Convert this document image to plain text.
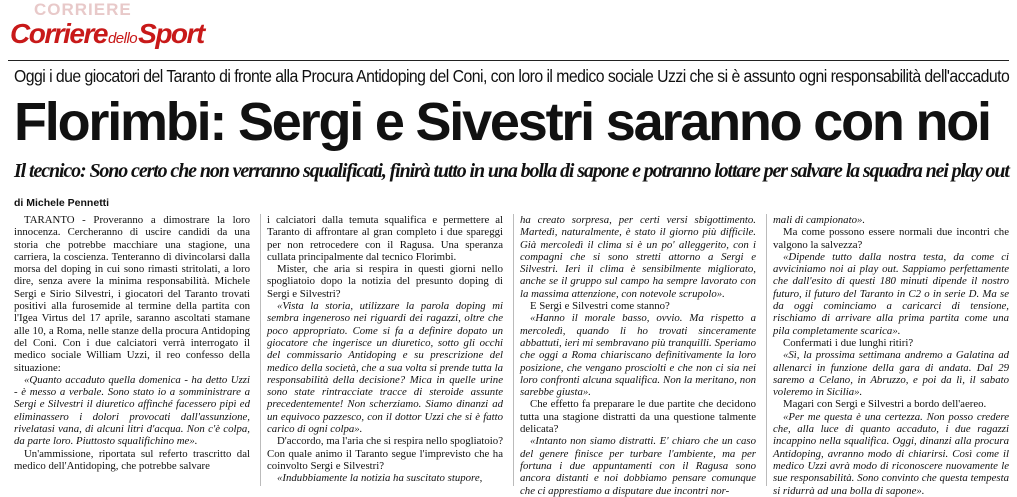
CORRIERE
Corriere dello Sport
Oggi i due giocatori del Taranto di fronte alla Procura Antidoping del Coni, con loro il medico sociale Uzzi che si è assunto ogni responsabilità dell'accaduto
Florimbi: Sergi e Sivestri saranno con noi
Il tecnico: Sono certo che non verranno squalificati, finirà tutto in una bolla di sapone e potranno lottare per salvare la squadra nei play out
di Michele Pennetti

TARANTO - Proveranno a dimostrare la loro innocenza. Cercheranno di uscire candidi da una storia che potrebbe macchiare una stagione, una carriera, la coscienza. Tenteranno di divincolarsi dalla morsa del doping in cui sono rimasti stritolati, a loro dire, senza avere la minima responsabilità. Michele Sergi e Sirio Silvestri, i giocatori del Taranto trovati positivi alla furosemide al termine della partita con l'Igea Virtus del 17 aprile, saranno ascoltati stamane alle 10, a Roma, nelle stanze della procura Antidoping del Coni. Con i due calciatori verrà interrogato il medico sociale William Uzzi, il reo confesso della situazione:

«Quanto accaduto quella domenica - ha detto Uzzi - è messo a verbale. Sono stato io a somministrare a Sergi e Silvestri il diuretico affinché facessero pipì ed eliminassero i dolori provocati dall'assunzione, rivelatasi vana, di alcuni litri d'acqua. Non c'è colpa, da parte loro. Piuttosto squalifichino me».

Un'ammissione, riportata sul referto trascritto dal medico dell'Antidoping, che potrebbe salvare

i calciatori dalla temuta squalifica e permettere al Taranto di affrontare al gran completo i due spareggi per non retrocedere con il Ragusa. Una speranza cullata principalmente dal tecnico Florimbi.

Mister, che aria si respira in questi giorni nello spogliatoio dopo la notizia del presunto doping di Sergi e Silvestri?

«Vista la storia, utilizzare la parola doping mi sembra ingeneroso nei riguardi dei ragazzi, oltre che poco appropriato. Come si fa a definire dopato un giocatore che ingerisce un diuretico, sotto gli occhi del commissario Antidoping e su prescrizione del medico della società, che a sua volta si prende tutta la responsabilità della decisione? Mica in quelle urine sono state rintracciate tracce di steroide assunte precedentemente! Non scherziamo. Siamo dinanzi ad un equivoco pazzesco, con il dottor Uzzi che si è fatto carico di ogni colpa».

D'accordo, ma l'aria che si respira nello spogliatoio? Con quale animo il Taranto segue l'imprevisto che ha coinvolto Sergi e Silvestri?

«Indubbiamente la notizia ha suscitato stupore,

ha creato sorpresa, per certi versi sbigottimento. Martedì, naturalmente, è stato il giorno più difficile. Già mercoledì il clima si è un po' alleggerito, con i compagni che si sono stretti attorno a Sergi e Silvestri. Ieri il clima è sensibilmente migliorato, anche se il gruppo sul campo ha sempre lavorato con la massima attenzione, con notevole scrupolo».

E Sergi e Silvestri come stanno?

«Hanno il morale basso, ovvio. Ma rispetto a mercoledì, quando li ho trovati sinceramente abbattuti, ieri mi sembravano più tranquilli. Speriamo che oggi a Roma chiariscano definitivamente la loro posizione, che vengano prosciolti e che non ci sia nei loro confronti alcuna squalifica. Non la meritano, non sarebbe giusta».

Che effetto fa preparare le due partite che decidono tutta una stagione distratti da una questione talmente delicata?

«Intanto non siamo distratti. E' chiaro che un caso del genere finisce per turbare l'ambiente, ma per fortuna i due appuntamenti con il Ragusa sono ancora distanti e noi dobbiamo pensare comunque che ci apprestiamo a disputare due incontri nor-

mali di campionato».

Ma come possono essere normali due incontri che valgono la salvezza?

«Dipende tutto dalla nostra testa, da come ci avviciniamo noi ai play out. Sappiamo perfettamente che dall'esito di questi 180 minuti dipende il nostro futuro, il futuro del Taranto in C2 o in serie D. Ma se da oggi cominciamo a caricarci di tensione, rischiamo di arrivare alla prima partita come una pila completamente scarica».

Confermati i due lunghi ritiri?

«Sì, la prossima settimana andremo a Galatina ad allenarci in funzione della gara di andata. Dal 29 saremo a Celano, in Abruzzo, e poi da lì, il sabato voleremo in Sicilia».

Magari con Sergi e Silvestri a bordo dell'aereo.

«Per me questa è una certezza. Non posso credere che, alla luce di quanto accaduto, i due ragazzi incappino nella squalifica. Oggi, dinanzi alla procura Antidoping, avranno modo di chiarirsi. Così come il medico Uzzi avrà modo di riconoscere nuovamente le sue responsabilità. Sono convinto che questa tempesta si ridurrà ad una bolla di sapone».
